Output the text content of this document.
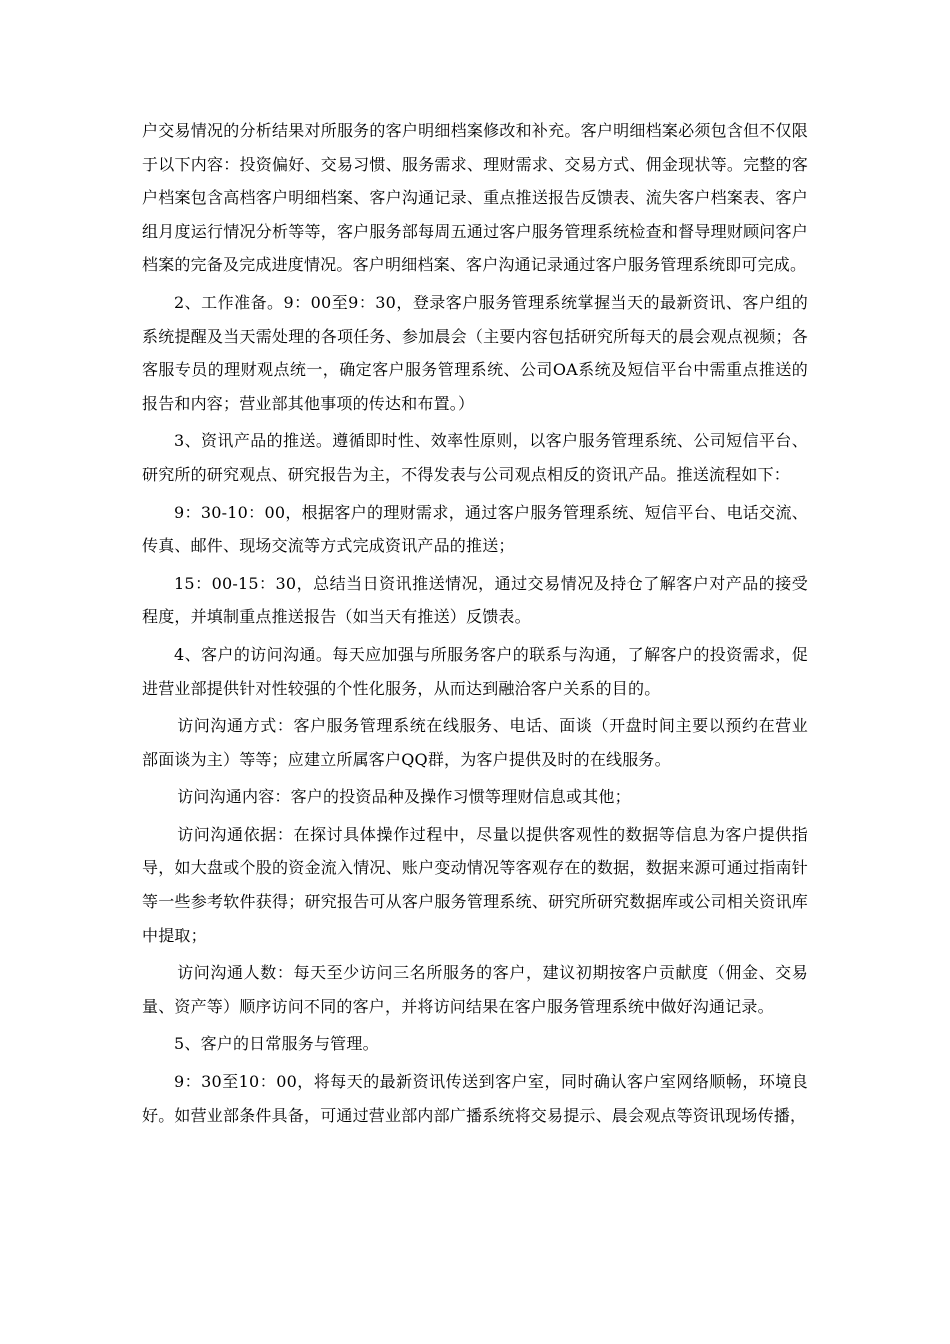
户交易情况的分析结果对所服务的客户明细档案修改和补充。客户明细档案必须包含但不仅限于以下内容：投资偏好、交易习惯、服务需求、理财需求、交易方式、佣金现状等。完整的客户档案包含高档客户明细档案、客户沟通记录、重点推送报告反馈表、流失客户档案表、客户组月度运行情况分析等等，客户服务部每周五通过客户服务管理系统检查和督导理财顾问客户档案的完备及完成进度情况。客户明细档案、客户沟通记录通过客户服务管理系统即可完成。

2、工作准备。9：00至9：30，登录客户服务管理系统掌握当天的最新资讯、客户组的系统提醒及当天需处理的各项任务、参加晨会（主要内容包括研究所每天的晨会观点视频；各客服专员的理财观点统一，确定客户服务管理系统、公司OA系统及短信平台中需重点推送的报告和内容；营业部其他事项的传达和布置。）

3、资讯产品的推送。遵循即时性、效率性原则，以客户服务管理系统、公司短信平台、研究所的研究观点、研究报告为主，不得发表与公司观点相反的资讯产品。推送流程如下：

9：30-10：00，根据客户的理财需求，通过客户服务管理系统、短信平台、电话交流、传真、邮件、现场交流等方式完成资讯产品的推送；

15：00-15：30，总结当日资讯推送情况，通过交易情况及持仓了解客户对产品的接受程度，并填制重点推送报告（如当天有推送）反馈表。

4、客户的访问沟通。每天应加强与所服务客户的联系与沟通，了解客户的投资需求，促进营业部提供针对性较强的个性化服务，从而达到融洽客户关系的目的。

访问沟通方式：客户服务管理系统在线服务、电话、面谈（开盘时间主要以预约在营业部面谈为主）等等；应建立所属客户QQ群，为客户提供及时的在线服务。

访问沟通内容：客户的投资品种及操作习惯等理财信息或其他；

访问沟通依据：在探讨具体操作过程中，尽量以提供客观性的数据等信息为客户提供指导，如大盘或个股的资金流入情况、账户变动情况等客观存在的数据，数据来源可通过指南针等一些参考软件获得；研究报告可从客户服务管理系统、研究所研究数据库或公司相关资讯库中提取；

访问沟通人数：每天至少访问三名所服务的客户，建议初期按客户贡献度（佣金、交易量、资产等）顺序访问不同的客户，并将访问结果在客户服务管理系统中做好沟通记录。

5、客户的日常服务与管理。

9：30至10：00，将每天的最新资讯传送到客户室，同时确认客户室网络顺畅，环境良好。如营业部条件具备，可通过营业部内部广播系统将交易提示、晨会观点等资讯现场传播，
